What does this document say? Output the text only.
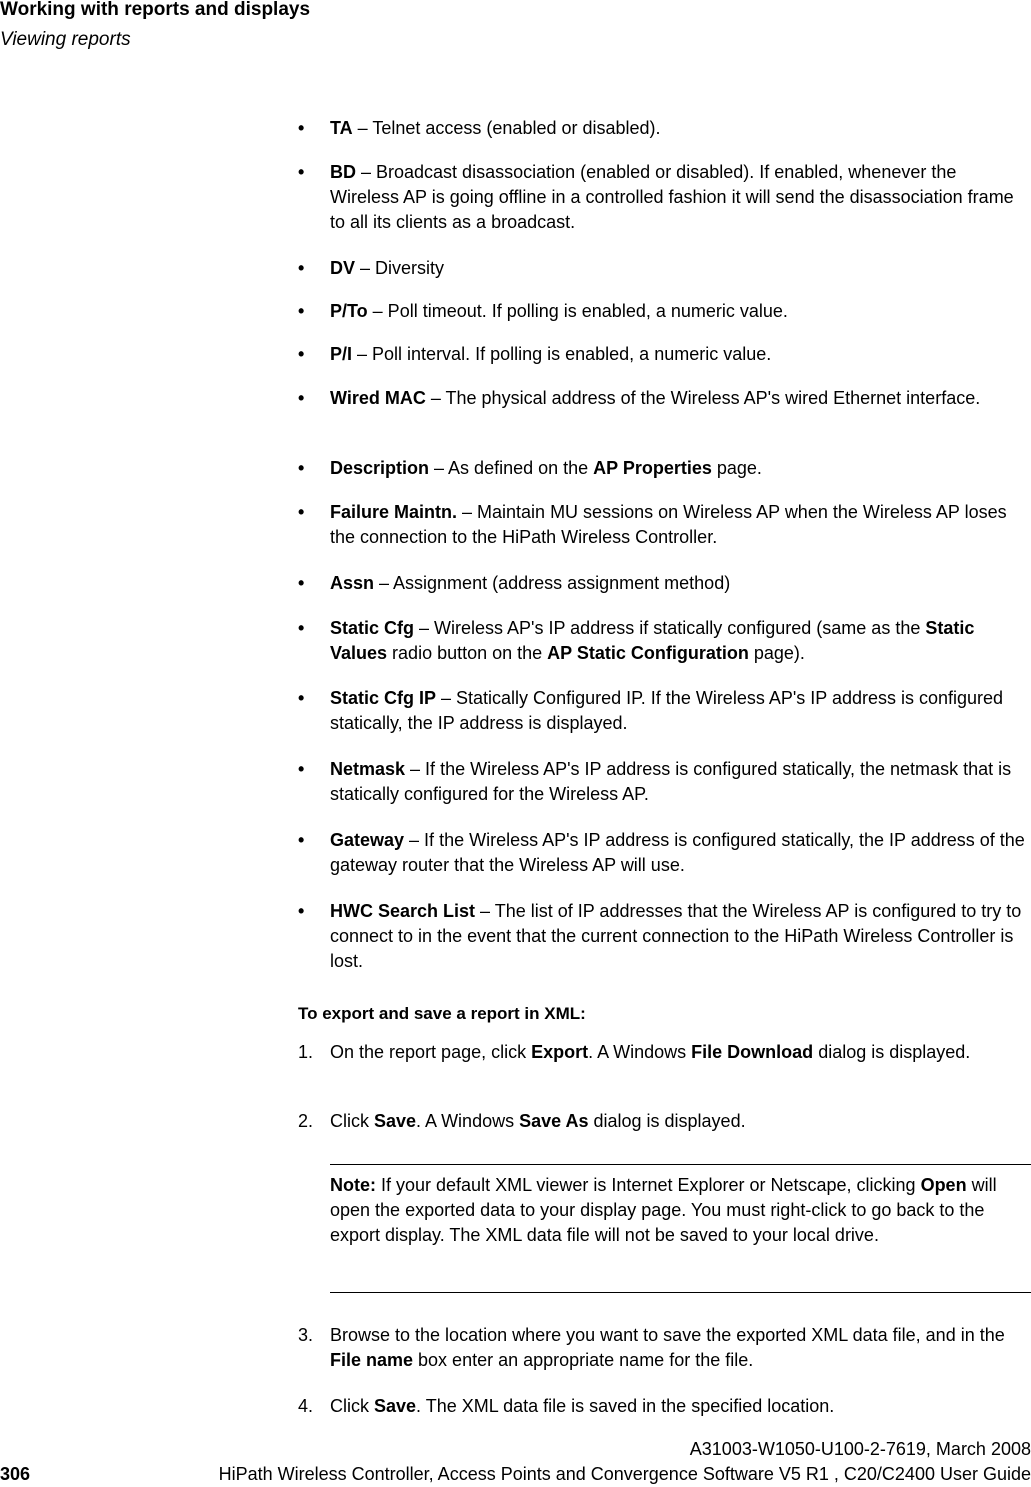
Working with reports and displays
Viewing reports
• TA – Telnet access (enabled or disabled).
• BD – Broadcast disassociation (enabled or disabled). If enabled, whenever the Wireless AP is going offline in a controlled fashion it will send the disassociation frame to all its clients as a broadcast.
• DV – Diversity
• P/To – Poll timeout. If polling is enabled, a numeric value.
• P/I – Poll interval. If polling is enabled, a numeric value.
• Wired MAC – The physical address of the Wireless AP's wired Ethernet interface.
• Description – As defined on the AP Properties page.
• Failure Maintn. – Maintain MU sessions on Wireless AP when the Wireless AP loses the connection to the HiPath Wireless Controller.
• Assn – Assignment (address assignment method)
• Static Cfg – Wireless AP's IP address if statically configured (same as the Static Values radio button on the AP Static Configuration page).
• Static Cfg IP – Statically Configured IP. If the Wireless AP's IP address is configured statically, the IP address is displayed.
• Netmask – If the Wireless AP's IP address is configured statically, the netmask that is statically configured for the Wireless AP.
• Gateway – If the Wireless AP's IP address is configured statically, the IP address of the gateway router that the Wireless AP will use.
• HWC Search List – The list of IP addresses that the Wireless AP is configured to try to connect to in the event that the current connection to the HiPath Wireless Controller is lost.
To export and save a report in XML:
1. On the report page, click Export. A Windows File Download dialog is displayed.
2. Click Save. A Windows Save As dialog is displayed.
Note: If your default XML viewer is Internet Explorer or Netscape, clicking Open will open the exported data to your display page. You must right-click to go back to the export display. The XML data file will not be saved to your local drive.
3. Browse to the location where you want to save the exported XML data file, and in the File name box enter an appropriate name for the file.
4. Click Save. The XML data file is saved in the specified location.
A31003-W1050-U100-2-7619, March 2008
306	HiPath Wireless Controller, Access Points and Convergence Software V5 R1 , C20/C2400 User Guide
